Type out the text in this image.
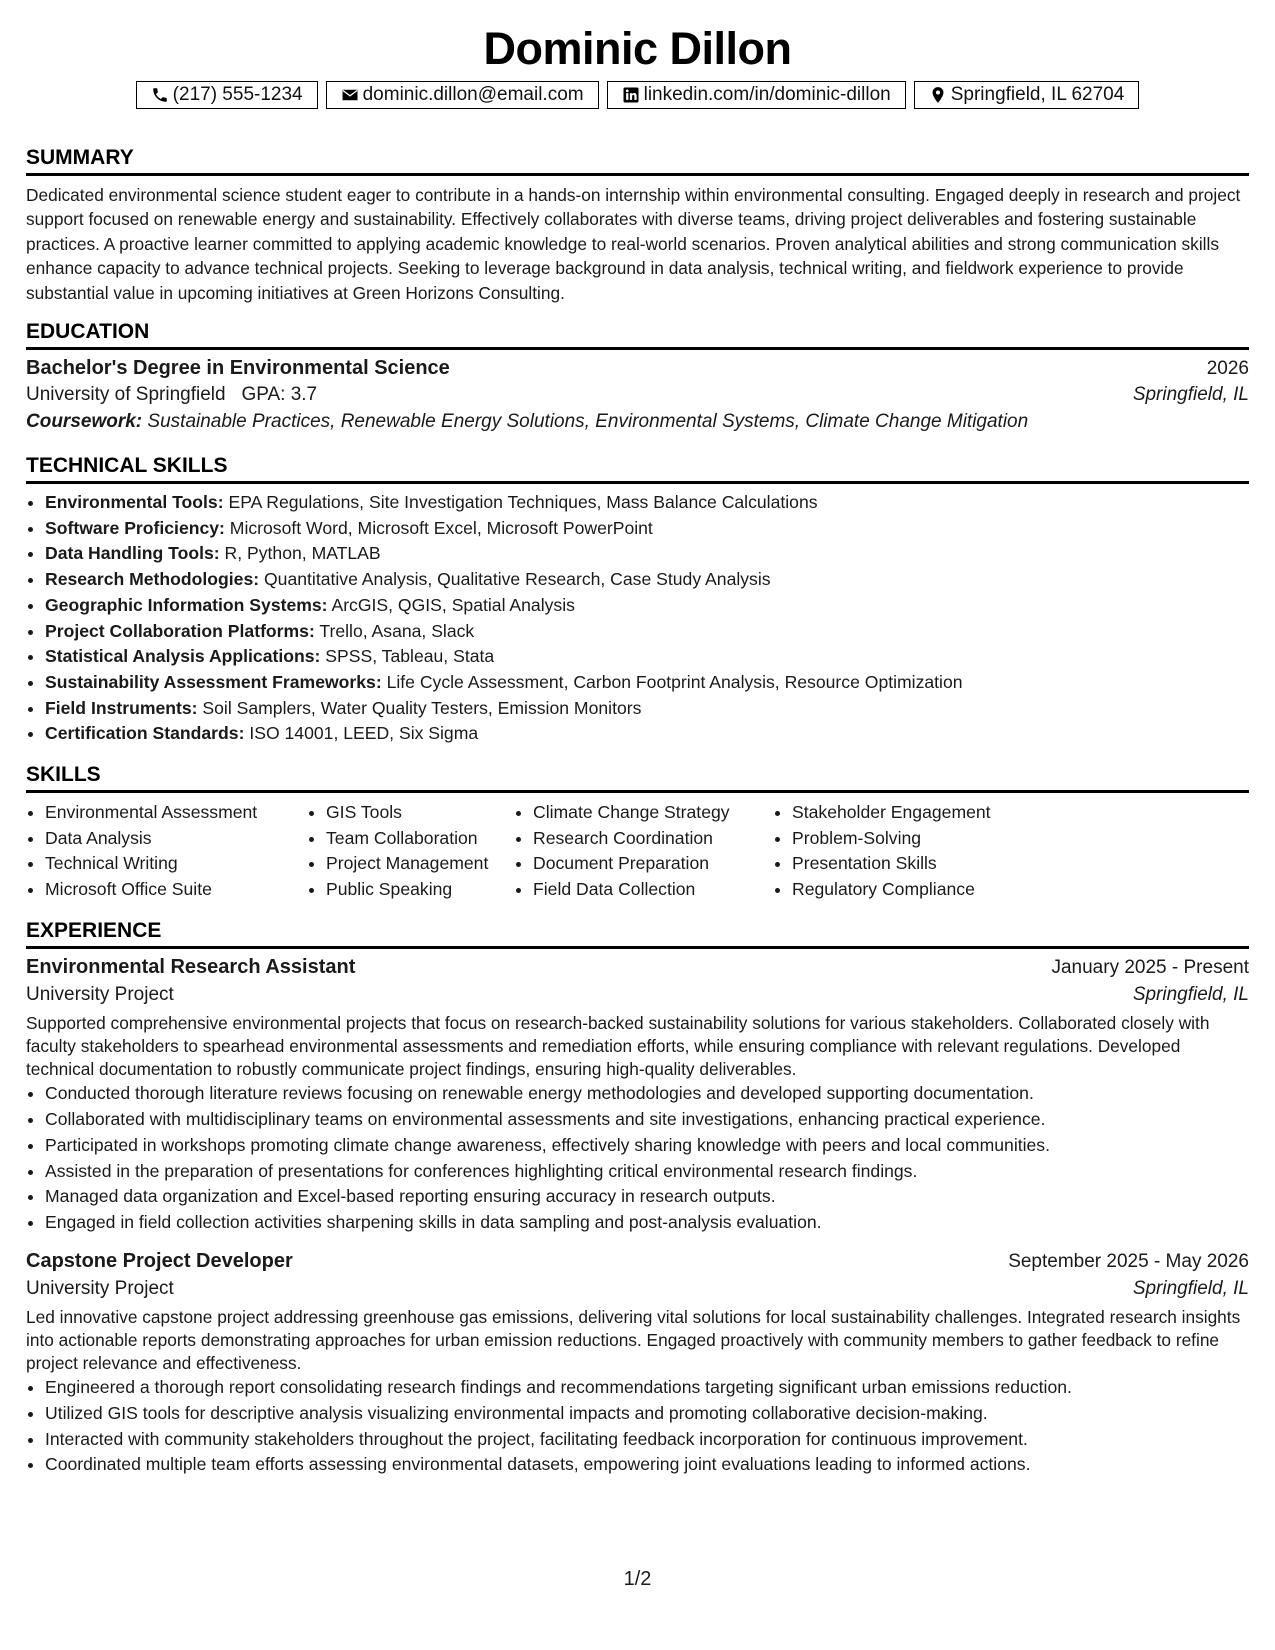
Dominic Dillon
(217) 555-1234	dominic.dillon@email.com	linkedin.com/in/dominic-dillon	Springfield, IL 62704
SUMMARY

Dedicated environmental science student eager to contribute in a hands-on internship within environmental consulting. Engaged deeply in research and project support focused on renewable energy and sustainability. Effectively collaborates with diverse teams, driving project deliverables and fostering sustainable practices. A proactive learner committed to applying academic knowledge to real-world scenarios. Proven analytical abilities and strong communication skills enhance capacity to advance technical projects. Seeking to leverage background in data analysis, technical writing, and fieldwork experience to provide substantial value in upcoming initiatives at Green Horizons Consulting.

EDUCATION
Bachelor's Degree in Environmental Science	2026
University of Springfield GPA: 3.7	Springfield, IL
Coursework: Sustainable Practices, Renewable Energy Solutions, Environmental Systems, Climate Change Mitigation
TECHNICAL SKILLS
• Environmental Tools: EPA Regulations, Site Investigation Techniques, Mass Balance Calculations
• Software Proficiency: Microsoft Word, Microsoft Excel, Microsoft PowerPoint
• Data Handling Tools: R, Python, MATLAB
• Research Methodologies: Quantitative Analysis, Qualitative Research, Case Study Analysis
• Geographic Information Systems: ArcGIS, QGIS, Spatial Analysis
• Project Collaboration Platforms: Trello, Asana, Slack
• Statistical Analysis Applications: SPSS, Tableau, Stata
• Sustainability Assessment Frameworks: Life Cycle Assessment, Carbon Footprint Analysis, Resource Optimization
• Field Instruments: Soil Samplers, Water Quality Testers, Emission Monitors
• Certification Standards: ISO 14001, LEED, Six Sigma
SKILLS
• Environmental Assessment
• Data Analysis
• Technical Writing
• Microsoft Office Suite
• GIS Tools
• Team Collaboration
• Project Management
• Public Speaking
• Climate Change Strategy
• Research Coordination
• Document Preparation
• Field Data Collection
• Stakeholder Engagement
• Problem-Solving
• Presentation Skills
• Regulatory Compliance
EXPERIENCE
Environmental Research Assistant	January 2025 - Present
University Project	Springfield, IL

Supported comprehensive environmental projects that focus on research-backed sustainability solutions for various stakeholders. Collaborated closely with faculty stakeholders to spearhead environmental assessments and remediation efforts, while ensuring compliance with relevant regulations. Developed technical documentation to robustly communicate project findings, ensuring high-quality deliverables.

• Conducted thorough literature reviews focusing on renewable energy methodologies and developed supporting documentation.
• Collaborated with multidisciplinary teams on environmental assessments and site investigations, enhancing practical experience.
• Participated in workshops promoting climate change awareness, effectively sharing knowledge with peers and local communities.
• Assisted in the preparation of presentations for conferences highlighting critical environmental research findings.
• Managed data organization and Excel-based reporting ensuring accuracy in research outputs.
• Engaged in field collection activities sharpening skills in data sampling and post-analysis evaluation.
Capstone Project Developer	September 2025 - May 2026
University Project	Springfield, IL

Led innovative capstone project addressing greenhouse gas emissions, delivering vital solutions for local sustainability challenges. Integrated research insights into actionable reports demonstrating approaches for urban emission reductions. Engaged proactively with community members to gather feedback to refine project relevance and effectiveness.

• Engineered a thorough report consolidating research findings and recommendations targeting significant urban emissions reduction.
• Utilized GIS tools for descriptive analysis visualizing environmental impacts and promoting collaborative decision-making.
• Interacted with community stakeholders throughout the project, facilitating feedback incorporation for continuous improvement.
• Coordinated multiple team efforts assessing environmental datasets, empowering joint evaluations leading to informed actions.
1/2
